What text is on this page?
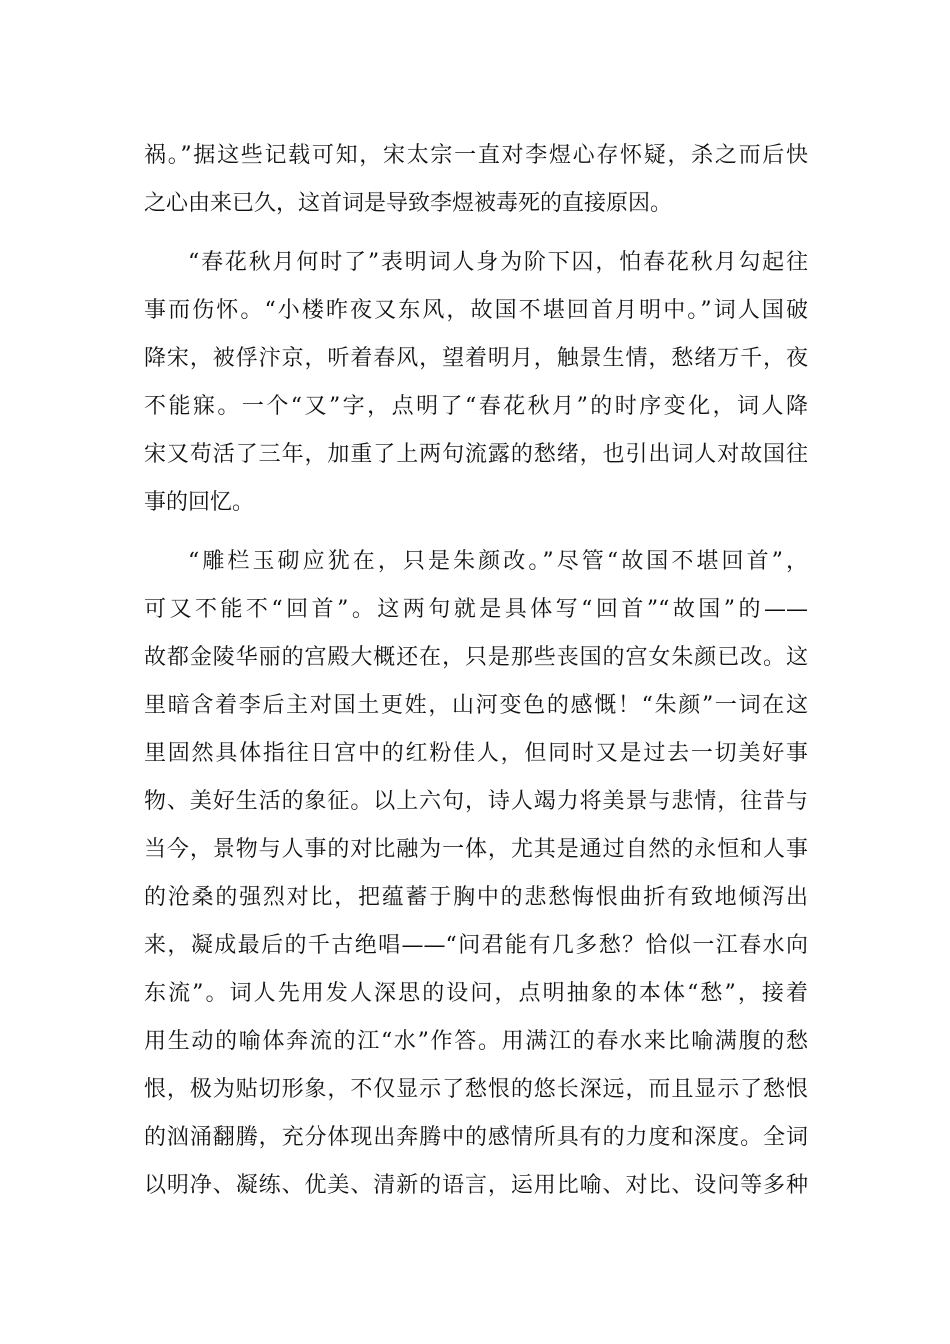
祸。”据这些记载可知，宋太宗一直对李煜心存怀疑，杀之而后快
之心由来已久，这首词是导致李煜被毒死的直接原因。
“春花秋月何时了”表明词人身为阶下囚，怕春花秋月勾起往
事而伤怀。“小楼昨夜又东风，故国不堪回首月明中。”词人国破
降宋，被俘汴京，听着春风，望着明月，触景生情，愁绪万千，夜
不能寐。一个“又”字，点明了“春花秋月”的时序变化，词人降
宋又苟活了三年，加重了上两句流露的愁绪，也引出词人对故国往
事的回忆。
“雕栏玉砌应犹在，只是朱颜改。”尽管“故国不堪回首”，
可又不能不“回首”。这两句就是具体写“回首”“故国”的——
故都金陵华丽的宫殿大概还在，只是那些丧国的宫女朱颜已改。这
里暗含着李后主对国土更姓，山河变色的感慨！“朱颜”一词在这
里固然具体指往日宫中的红粉佳人，但同时又是过去一切美好事
物、美好生活的象征。以上六句，诗人竭力将美景与悲情，往昔与
当今，景物与人事的对比融为一体，尤其是通过自然的永恒和人事
的沧桑的强烈对比，把蕴蓄于胸中的悲愁悔恨曲折有致地倾泻出
来，凝成最后的千古绝唱——“问君能有几多愁？恰似一江春水向
东流”。词人先用发人深思的设问，点明抽象的本体“愁”，接着
用生动的喻体奔流的江“水”作答。用满江的春水来比喻满腹的愁
恨，极为贴切形象，不仅显示了愁恨的悠长深远，而且显示了愁恨
的汹涌翻腾，充分体现出奔腾中的感情所具有的力度和深度。全词
以明净、凝练、优美、清新的语言，运用比喻、对比、设问等多种
